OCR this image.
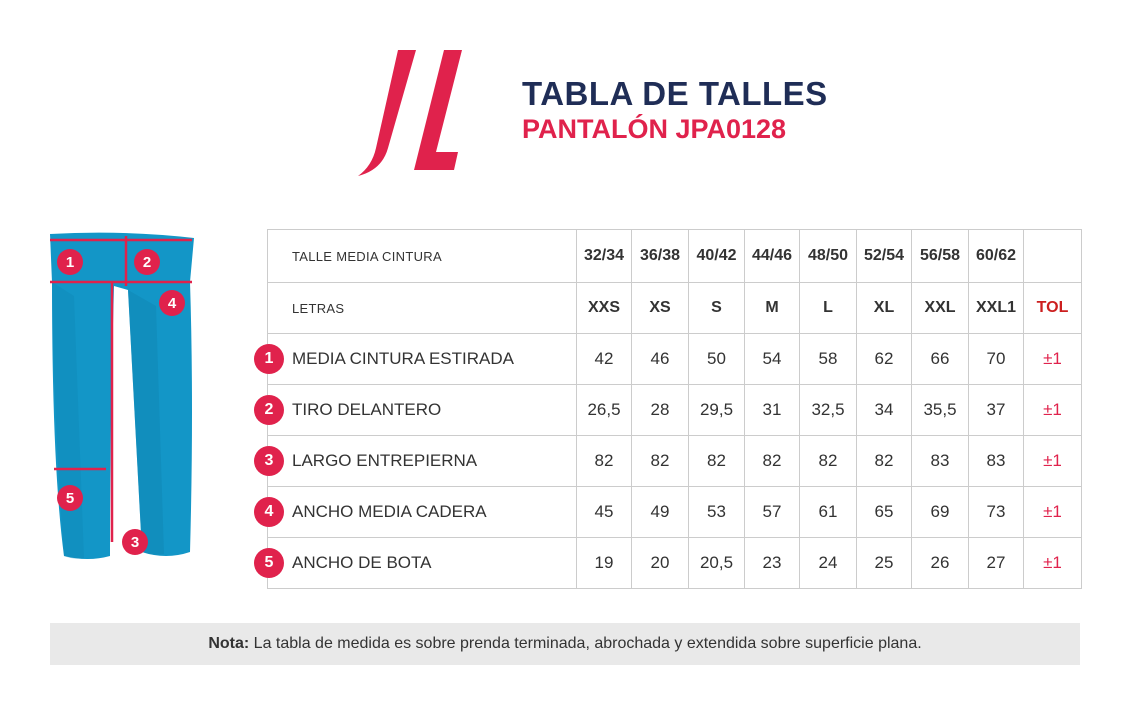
TABLA DE TALLES
PANTALÓN JPA0128
1	2
4
5
3
TALLE MEDIA CINTURA	32/34	36/38	40/42	44/46	48/50	52/54	56/58	60/62	
LETRAS	XXS	XS	S	M	L	XL	XXL	XXL1	TOL

1 MEDIA CINTURA ESTIRADA	42	46	50	54	58	62	66	70	±1

2 TIRO DELANTERO	26,5	28	29,5	31	32,5	34	35,5	37	±1

3 LARGO ENTREPIERNA	82	82	82	82	82	82	83	83	±1

4 ANCHO MEDIA CADERA	45	49	53	57	61	65	69	73	±1

5 ANCHO DE BOTA	19	20	20,5	23	24	25	26	27	±1
Nota: La tabla de medida es sobre prenda terminada, abrochada y extendida sobre superficie plana.
